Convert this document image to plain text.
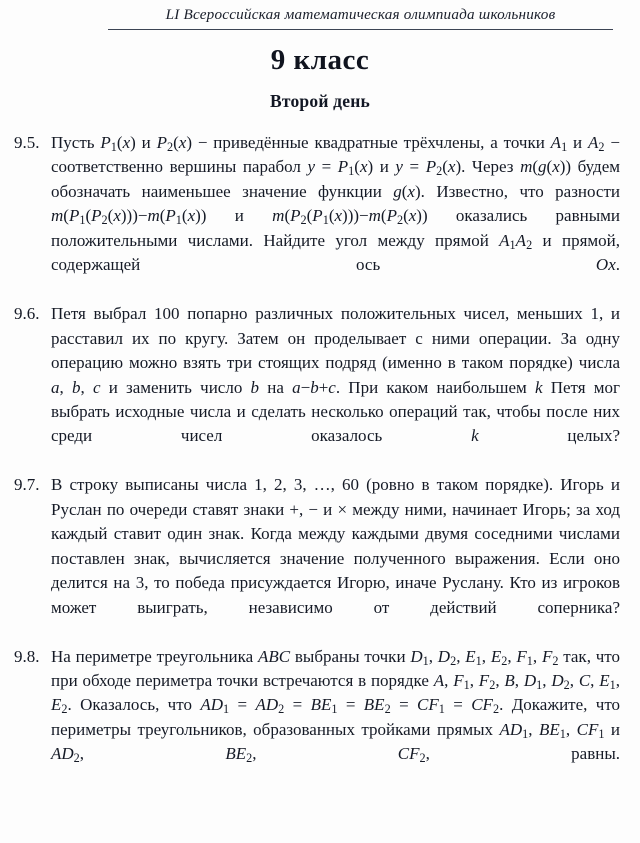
LI Всероссийская математическая олимпиада школьников
9 класс
Второй день
9.5. Пусть $P_1(x)$ и $P_2(x)$ − приведённые квадратные трёхчлены, а точки $A_1$ и $A_2$ − соответственно вершины парабол $y = P_1(x)$ и $y = P_2(x)$. Через m(g(x)) будем обозначать наименьшее значение функции g(x). Известно, что разности $m(P_1(P_2(x)))-m(P_1(x))$ и $m(P_2(P_1(x)))-m(P_2(x))$ оказались равными положительными числами. Найдите угол между прямой $A_1A_2$ и прямой, содержащей ось Ox.
9.6. Петя выбрал 100 попарно различных положительных чисел, меньших 1, и расставил их по кругу. Затем он проделывает с ними операции. За одну операцию можно взять три стоящих подряд (именно в таком порядке) числа a, b, c и заменить число b на a−b+c. При каком наибольшем k Петя мог выбрать исходные числа и сделать несколько операций так, чтобы после них среди чисел оказалось k целых?
9.7. В строку выписаны числа 1, 2, 3, …, 60 (ровно в таком порядке). Игорь и Руслан по очереди ставят знаки +, − и × между ними, начинает Игорь; за ход каждый ставит один знак. Когда между каждыми двумя соседними числами поставлен знак, вычисляется значение полученного выражения. Если оно делится на 3, то победа присуждается Игорю, иначе Руслану. Кто из игроков может выиграть, независимо от действий соперника?
9.8. На периметре треугольника ABC выбраны точки $D_1$, $D_2$, $E_1$, $E_2$, $F_1$, $F_2$ так, что при обходе периметра точки встречаются в порядке A, $F_1$, $F_2$, B, $D_1$, $D_2$, C, $E_1$, $E_2$. Оказалось, что $AD_1 = AD_2 = BE_1 = BE_2 = CF_1 = CF_2$. Докажите, что периметры треугольников, образованных тройками прямых $AD_1$, $BE_1$, $CF_1$ и $AD_2$, $BE_2$, $CF_2$, равны.
